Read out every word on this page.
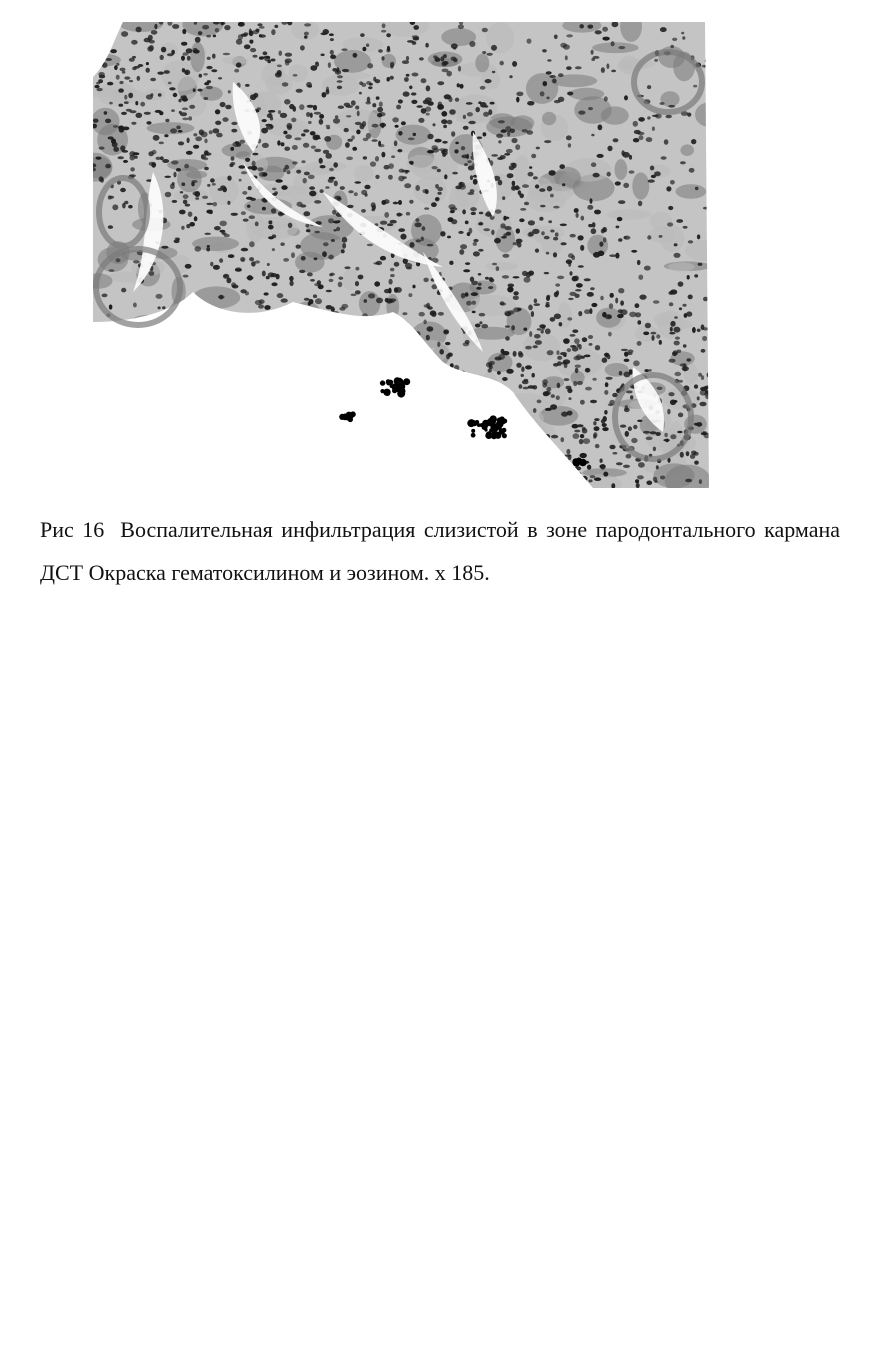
Рис 16 Воспалительная инфильтрация слизистой в зоне пародонтального кармана ДСТ Окраска гематоксилином и эозином. х 185.
